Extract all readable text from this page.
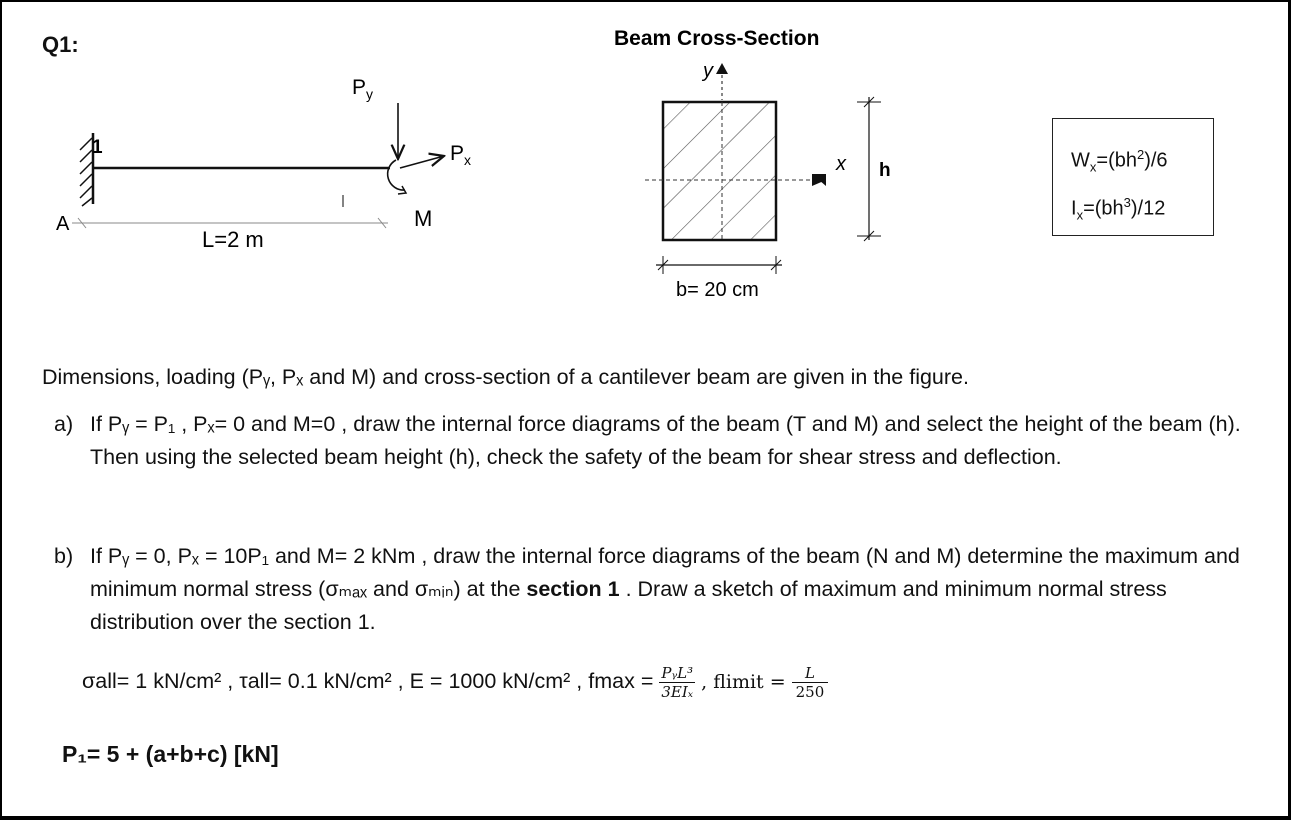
Q1:
1
$P_y$
$P_x$
M
A
L=2 m
Beam Cross-Section
y
x h
b= 20 cm
$W_x=(bh^2)/6$
$I_x=(bh^3)/12$
Dimensions, loading (Pᵧ, Pₓ and M) and cross-section of a cantilever beam are given in the figure.
a) If Pᵧ = P₁ , Pₓ= 0 and M=0 , draw the internal force diagrams of the beam (T and M) and select the height of the beam (h). Then using the selected beam height (h), check the safety of the beam for shear stress and deflection.
b) If Pᵧ = 0, Pₓ = 10P₁ and M= 2 kNm , draw the internal force diagrams of the beam (N and M) determine the maximum and minimum normal stress (σₘₐₓ and σₘᵢₙ) at the section 1 . Draw a sketch of maximum and minimum normal stress distribution over the section 1.
σall= 1 kN/cm² , τall= 0.1 kN/cm² , E = 1000 kN/cm² , $fmax = \frac{\text{PᵧL³}}{\text{3EIₓ}}$ , flimit = $\frac{L}{250}$
P₁= 5 + (a+b+c) [kN]
